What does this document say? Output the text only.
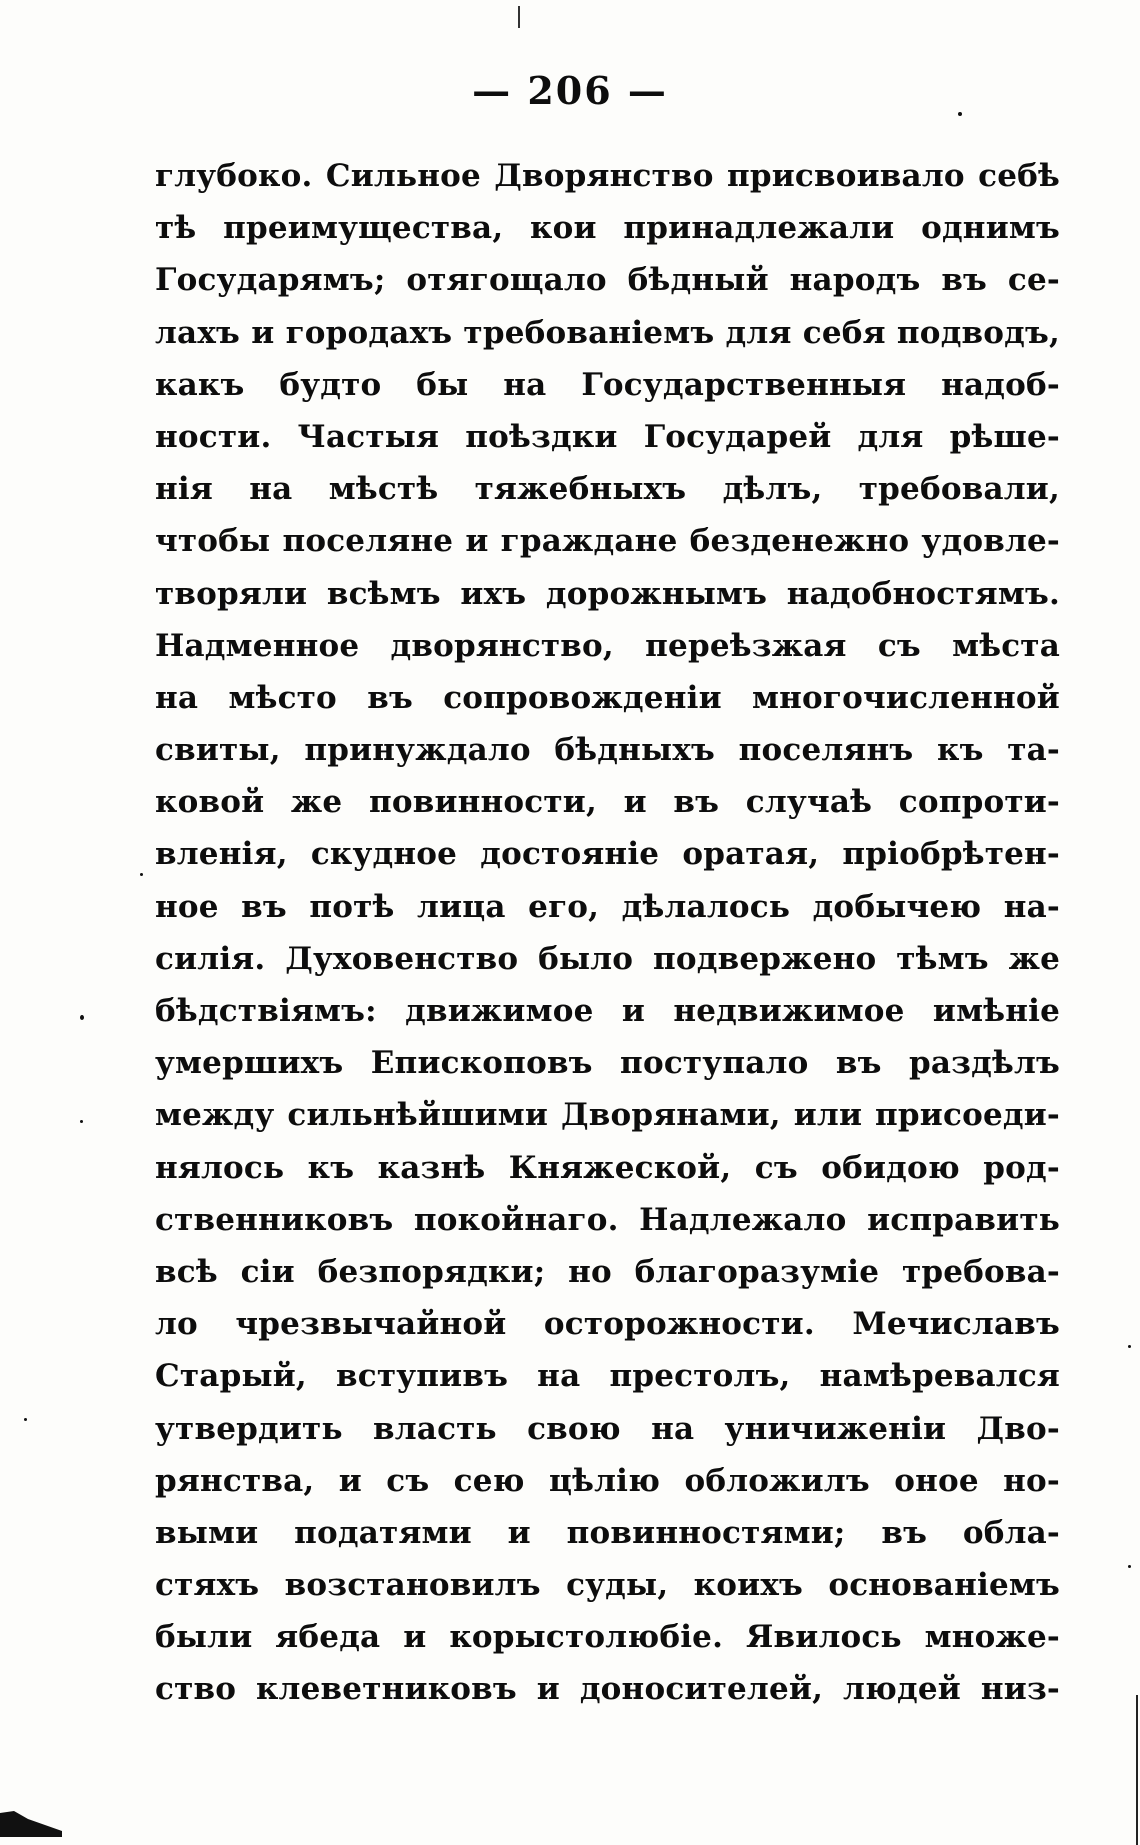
— 206 —
глубоко. Сильное Дворянство присвоивало себѣ
тѣ преимущества, кои принадлежали однимъ
Государямъ; отягощало бѣдный народъ въ се-
лахъ и городахъ требованіемъ для себя подводъ,
какъ будто бы на Государственныя надоб-
ности. Частыя поѣздки Государей для рѣше-
нія на мѣстѣ тяжебныхъ дѣлъ, требовали,
чтобы поселяне и граждане безденежно удовле-
творяли всѣмъ ихъ дорожнымъ надобностямъ.
Надменное дворянство, переѣзжая съ мѣста
на мѣсто въ сопровожденіи многочисленной
свиты, принуждало бѣдныхъ поселянъ къ та-
ковой же повинности, и въ случаѣ сопроти-
вленія, скудное достояніе оратая, пріобрѣтен-
ное въ потѣ лица его, дѣлалось добычею на-
силія. Духовенство было подвержено тѣмъ же
бѣдствіямъ: движимое и недвижимое имѣніе
умершихъ Епископовъ поступало въ раздѣлъ
между сильнѣйшими Дворянами, или присоеди-
нялось къ казнѣ Княжеской, съ обидою род-
ственниковъ покойнаго. Надлежало исправить
всѣ сіи безпорядки; но благоразуміе требова-
ло чрезвычайной осторожности. Мечиславъ
Старый, вступивъ на престолъ, намѣревался
утвердить власть свою на уничиженіи Дво-
рянства, и съ сею цѣлію обложилъ оное но-
выми податями и повинностями; въ обла-
стяхъ возстановилъ суды, коихъ основаніемъ
были ябеда и корыстолюбіе. Явилось множе-
ство клеветниковъ и доносителей, людей низ-
